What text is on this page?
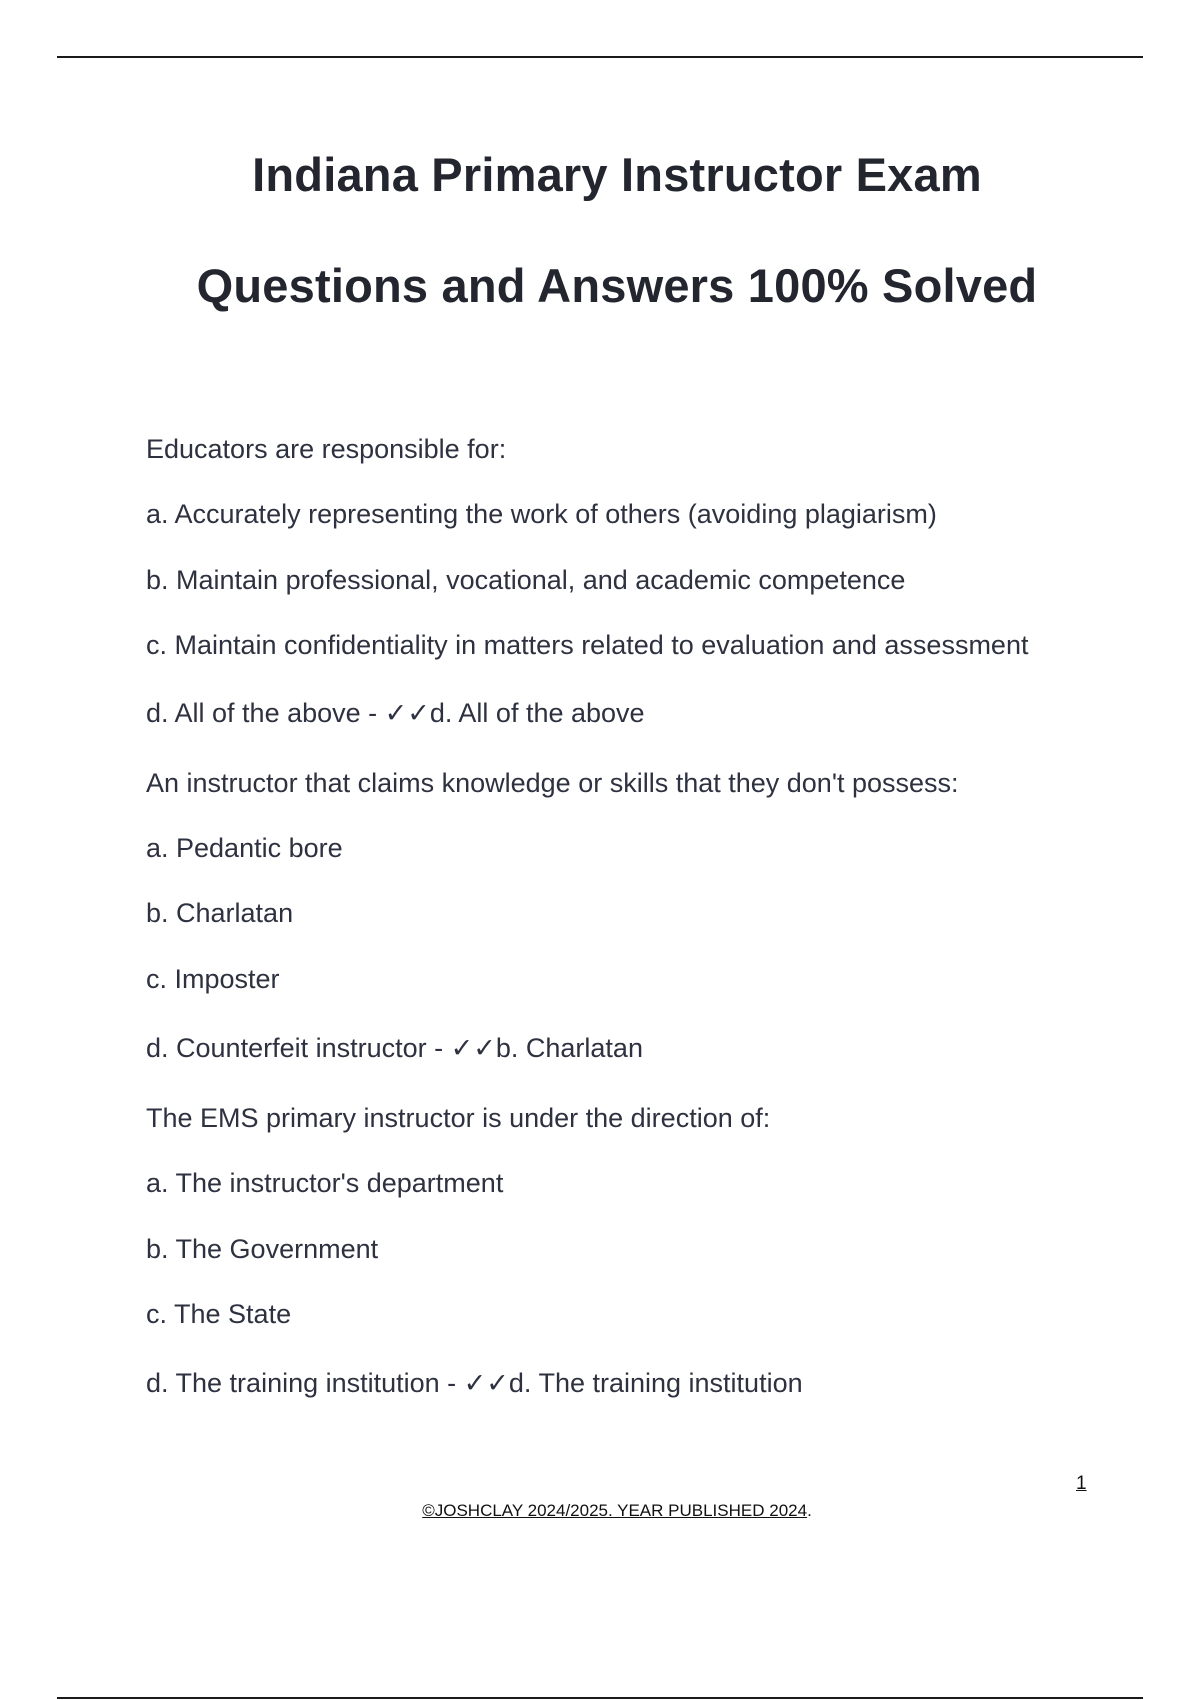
Indiana Primary Instructor Exam
Questions and Answers 100% Solved
Educators are responsible for:
a. Accurately representing the work of others (avoiding plagiarism)
b. Maintain professional, vocational, and academic competence
c. Maintain confidentiality in matters related to evaluation and assessment
d. All of the above - ✓✓d. All of the above
An instructor that claims knowledge or skills that they don't possess:
a. Pedantic bore
b. Charlatan
c. Imposter
d. Counterfeit instructor - ✓✓b. Charlatan
The EMS primary instructor is under the direction of:
a. The instructor's department
b. The Government
c. The State
d. The training institution - ✓✓d. The training institution
1
©JOSHCLAY 2024/2025. YEAR PUBLISHED 2024.
